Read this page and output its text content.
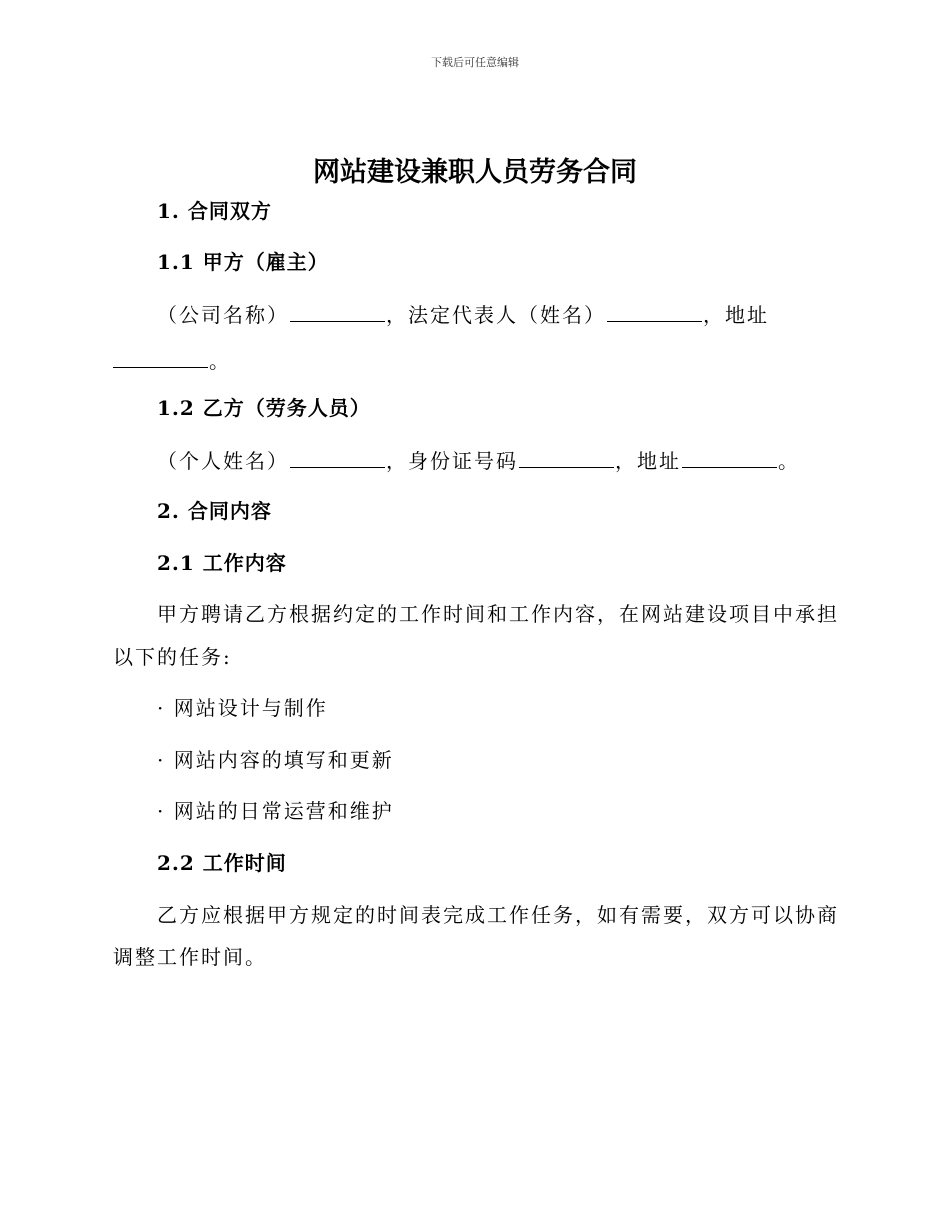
下载后可任意编辑
网站建设兼职人员劳务合同
1. 合同双方
1.1 甲方（雇主）
（公司名称）	，法定代表人（姓名）	，地址
。
1.2 乙方（劳务人员）
（个人姓名）	，身份证号码	，地址	。
2. 合同内容
2.1 工作内容
甲方聘请乙方根据约定的工作时间和工作内容，在网站建设项目中承担
以下的任务:
· 网站设计与制作
· 网站内容的填写和更新
· 网站的日常运营和维护
2.2 工作时间
乙方应根据甲方规定的时间表完成工作任务，如有需要，双方可以协商
调整工作时间。
